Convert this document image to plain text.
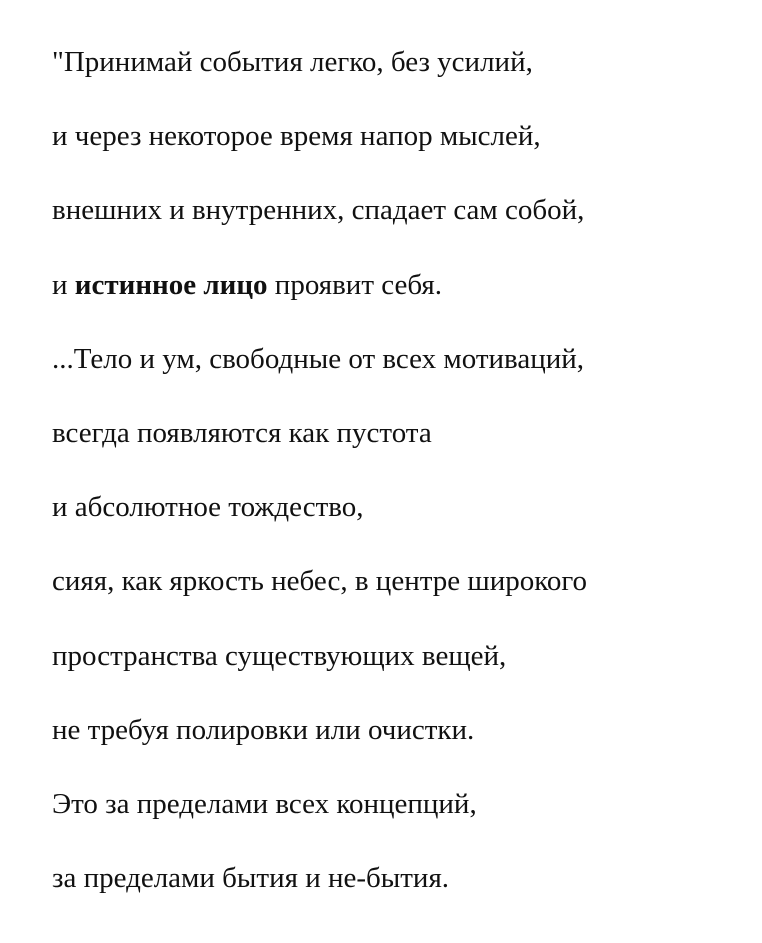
"Принимай события легко, без усилий,
и через некоторое время напор мыслей,
внешних и внутренних, спадает сам собой,
и истинное лицо проявит себя.
...Тело и ум, свободные от всех мотиваций,
всегда появляются как пустота
и абсолютное тождество,
сияя, как яркость небес, в центре широкого
пространства существующих вещей,
не требуя полировки или очистки.
Это за пределами всех концепций,
за пределами бытия и не-бытия.
